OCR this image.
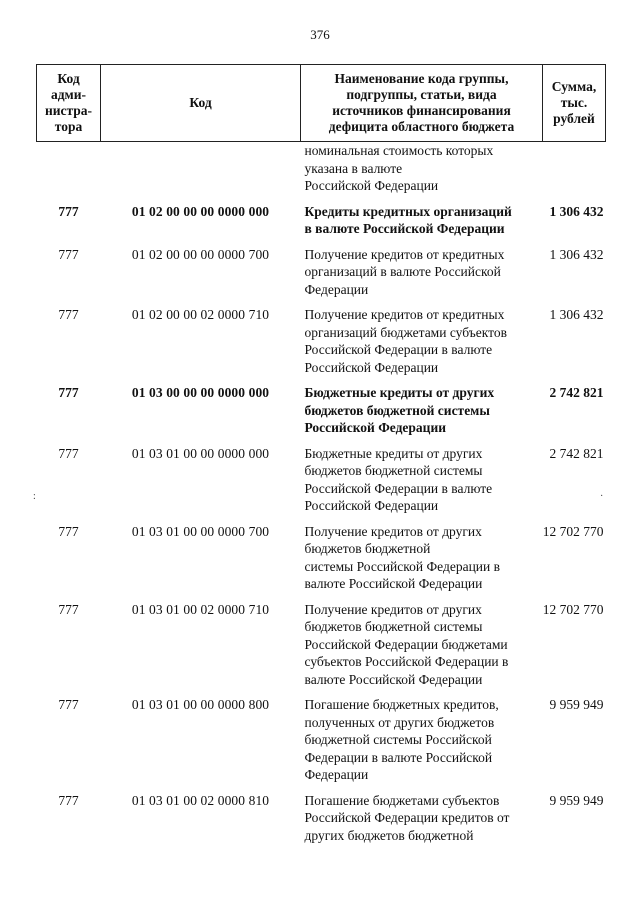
376
Код
адми-
нистра-
тора	Код	Наименование кода группы,
подгруппы, статьи, вида
источников финансирования
дефицита областного бюджета	Сумма,
тыс. рублей
		номинальная стоимость которых
указана в валюте
Российской Федерации	

777	01 02 00 00 00 0000 000	Кредиты кредитных организаций
в валюте Российской Федерации	1 306 432

777	01 02 00 00 00 0000 700	Получение кредитов от кредитных
организаций в валюте Российской
Федерации	1 306 432

777	01 02 00 00 02 0000 710	Получение кредитов от кредитных
организаций бюджетами субъектов
Российской Федерации в валюте
Российской Федерации	1 306 432

777	01 03 00 00 00 0000 000	Бюджетные кредиты от других
бюджетов бюджетной системы
Российской Федерации	2 742 821

777	01 03 01 00 00 0000 000	Бюджетные кредиты от других
бюджетов бюджетной системы
Российской Федерации в валюте
Российской Федерации	2 742 821

777	01 03 01 00 00 0000 700	Получение кредитов от других
бюджетов бюджетной
системы Российской Федерации в
валюте Российской Федерации	12 702 770

777	01 03 01 00 02 0000 710	Получение кредитов от других
бюджетов бюджетной системы
Российской Федерации бюджетами
субъектов Российской Федерации в
валюте Российской Федерации	12 702 770

777	01 03 01 00 00 0000 800	Погашение бюджетных кредитов,
полученных от других бюджетов
бюджетной системы Российской
Федерации в валюте Российской
Федерации	9 959 949

777	01 03 01 00 02 0000 810	Погашение бюджетами субъектов
Российской Федерации кредитов от
других бюджетов бюджетной	9 959 949
:	·
